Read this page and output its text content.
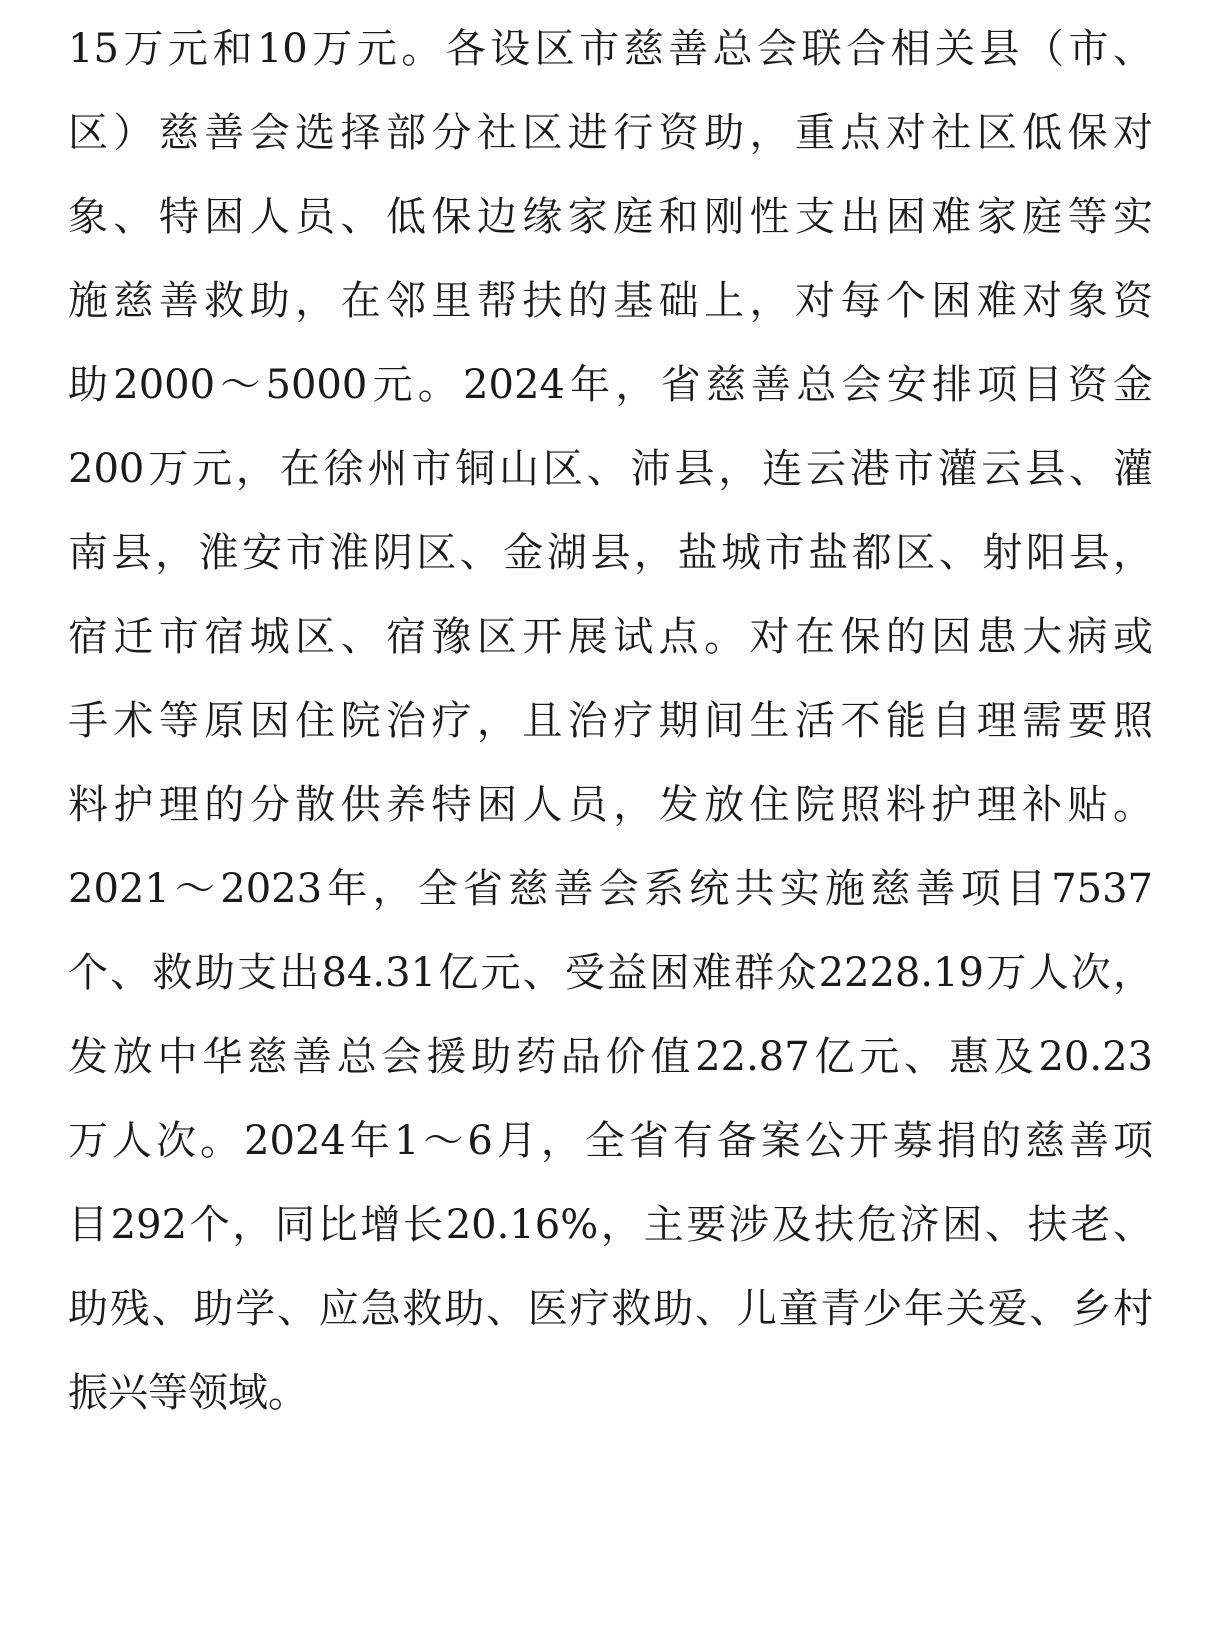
15万元和10万元。各设区市慈善总会联合相关县（市、
区）慈善会选择部分社区进行资助，重点对社区低保对
象、特困人员、低保边缘家庭和刚性支出困难家庭等实
施慈善救助，在邻里帮扶的基础上，对每个困难对象资
助2000～5000元。2024年，省慈善总会安排项目资金
200万元，在徐州市铜山区、沛县，连云港市灌云县、灌
南县，淮安市淮阴区、金湖县，盐城市盐都区、射阳县，
宿迁市宿城区、宿豫区开展试点。对在保的因患大病或
手术等原因住院治疗，且治疗期间生活不能自理需要照
料护理的分散供养特困人员，发放住院照料护理补贴。
2021～2023年，全省慈善会系统共实施慈善项目7537
个、救助支出84.31亿元、受益困难群众2228.19万人次，
发放中华慈善总会援助药品价值22.87亿元、惠及20.23
万人次。2024年1～6月，全省有备案公开募捐的慈善项
目292个，同比增长20.16%，主要涉及扶危济困、扶老、
助残、助学、应急救助、医疗救助、儿童青少年关爱、乡村
振兴等领域。
